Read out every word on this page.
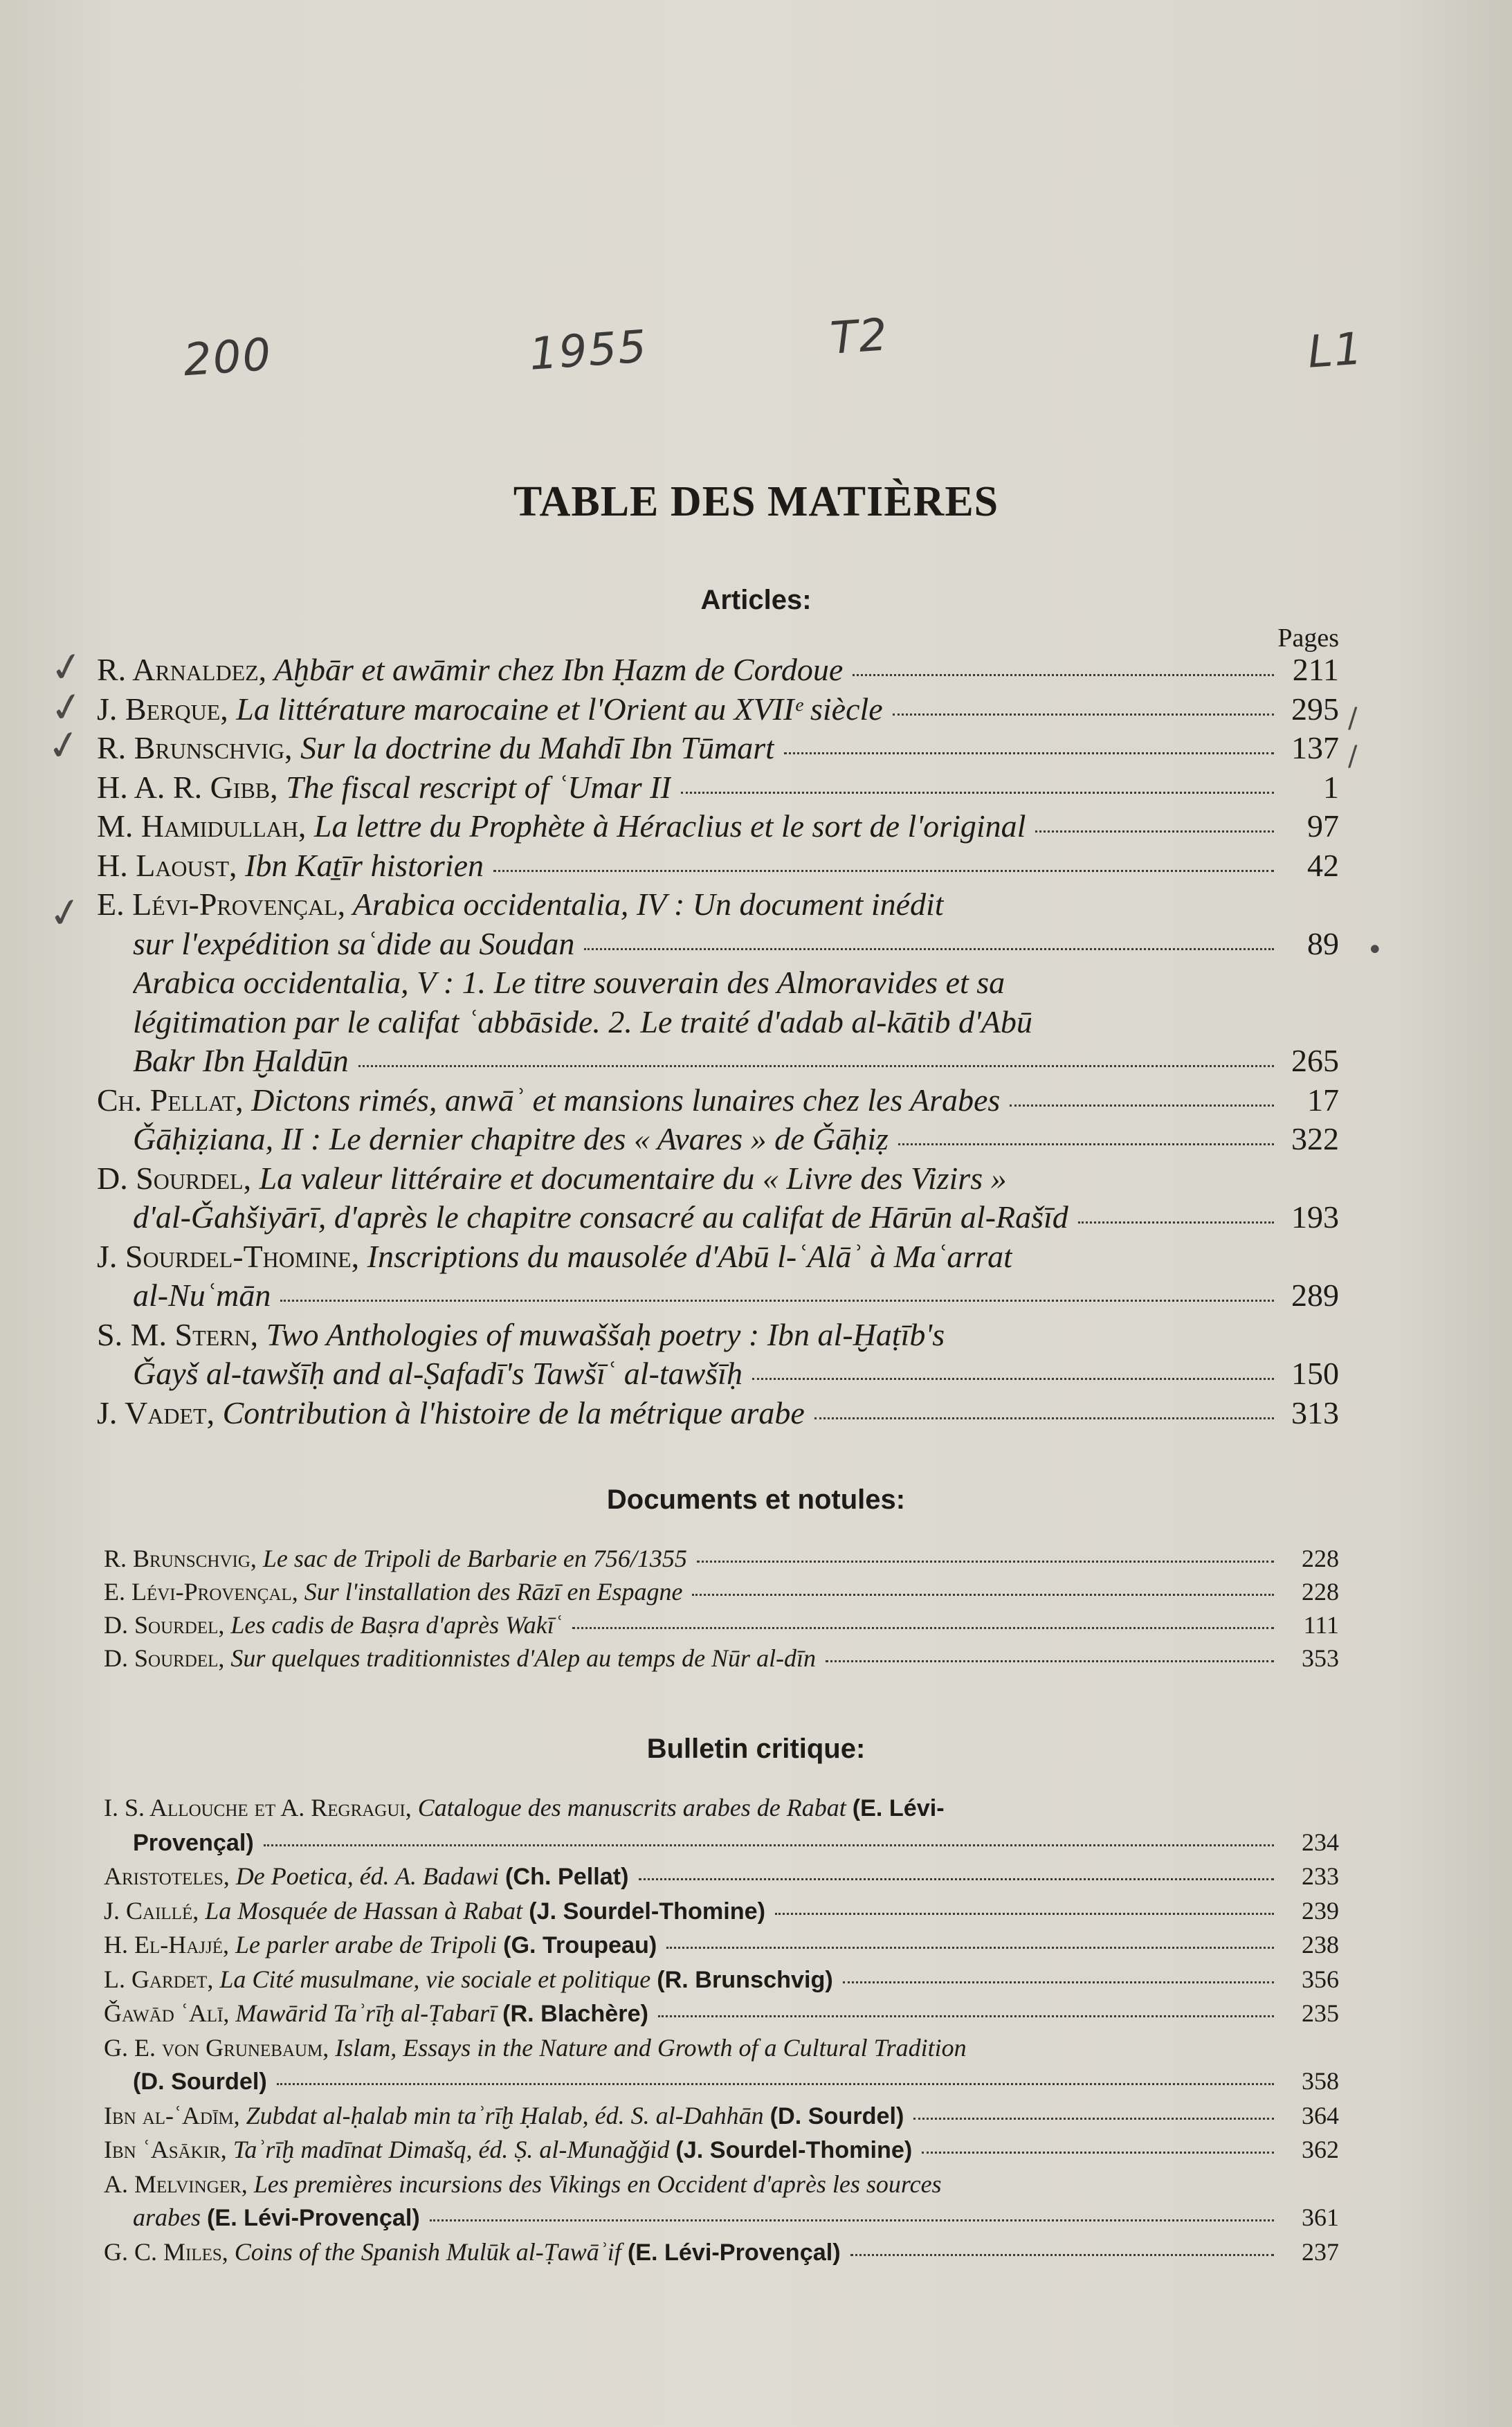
200	1955	T2	L1
TABLE DES MATIÈRES
Articles:
Pages
R. Arnaldez, Aḫbār et awāmir chez Ibn Ḥazm de Cordoue	211
J. Berque, La littérature marocaine et l'Orient au XVIIᵉ siècle	295
R. Brunschvig, Sur la doctrine du Mahdī Ibn Tūmart	137
H. A. R. Gibb, The fiscal rescript of ʿUmar II	1
M. Hamidullah, La lettre du Prophète à Héraclius et le sort de l'original	97
H. Laoust, Ibn Kaṯīr historien	42
E. Lévi-Provençal, Arabica occidentalia, IV : Un document inédit
sur l'expédition saʿdide au Soudan	89
Arabica occidentalia, V : 1. Le titre souverain des Almoravides et sa
légitimation par le califat ʿabbāside. 2. Le traité d'adab al-kātib d'Abū
Bakr Ibn Ḫaldūn	265
Ch. Pellat, Dictons rimés, anwāʾ et mansions lunaires chez les Arabes	17
Ǧāḥiẓiana, II : Le dernier chapitre des « Avares » de Ǧāḥiẓ	322
D. Sourdel, La valeur littéraire et documentaire du « Livre des Vizirs »
d'al-Ǧahšiyārī, d'après le chapitre consacré au califat de Hārūn al-Rašīd	193
J. Sourdel-Thomine, Inscriptions du mausolée d'Abū l-ʿAlāʾ à Maʿarrat
al-Nuʿmān	289
S. M. Stern, Two Anthologies of muwaššaḥ poetry : Ibn al-Ḫaṭīb's
Ǧayš al-tawšīḥ and al-Ṣafadī's Tawšīʿ al-tawšīḥ	150
J. Vadet, Contribution à l'histoire de la métrique arabe	313
Documents et notules:
R. Brunschvig, Le sac de Tripoli de Barbarie en 756/1355	228
E. Lévi-Provençal, Sur l'installation des Rāzī en Espagne	228
D. Sourdel, Les cadis de Baṣra d'après Wakīʿ	111
D. Sourdel, Sur quelques traditionnistes d'Alep au temps de Nūr al-dīn	353
Bulletin critique:
I. S. Allouche et A. Regragui, Catalogue des manuscrits arabes de Rabat (E. Lévi-
Provençal)	234
Aristoteles, De Poetica, éd. A. Badawi (Ch. Pellat)	233
J. Caillé, La Mosquée de Hassan à Rabat (J. Sourdel-Thomine)	239
H. El-Hajjé, Le parler arabe de Tripoli (G. Troupeau)	238
L. Gardet, La Cité musulmane, vie sociale et politique (R. Brunschvig)	356
Ǧawād ʿAlī, Mawārid Taʾrīḫ al-Ṭabarī (R. Blachère)	235
G. E. von Grunebaum, Islam, Essays in the Nature and Growth of a Cultural Tradition
(D. Sourdel)	358
Ibn al-ʿAdīm, Zubdat al-ḥalab min taʾrīḫ Ḥalab, éd. S. al-Dahhān (D. Sourdel)	364
Ibn ʿAsākir, Taʾrīḫ madīnat Dimašq, éd. Ṣ. al-Munaǧǧid (J. Sourdel-Thomine)	362
A. Melvinger, Les premières incursions des Vikings en Occident d'après les sources
arabes (E. Lévi-Provençal)	361
G. C. Miles, Coins of the Spanish Mulūk al-Ṭawāʾif (E. Lévi-Provençal)	237
✓
✓
✓
✓
/
/
•
